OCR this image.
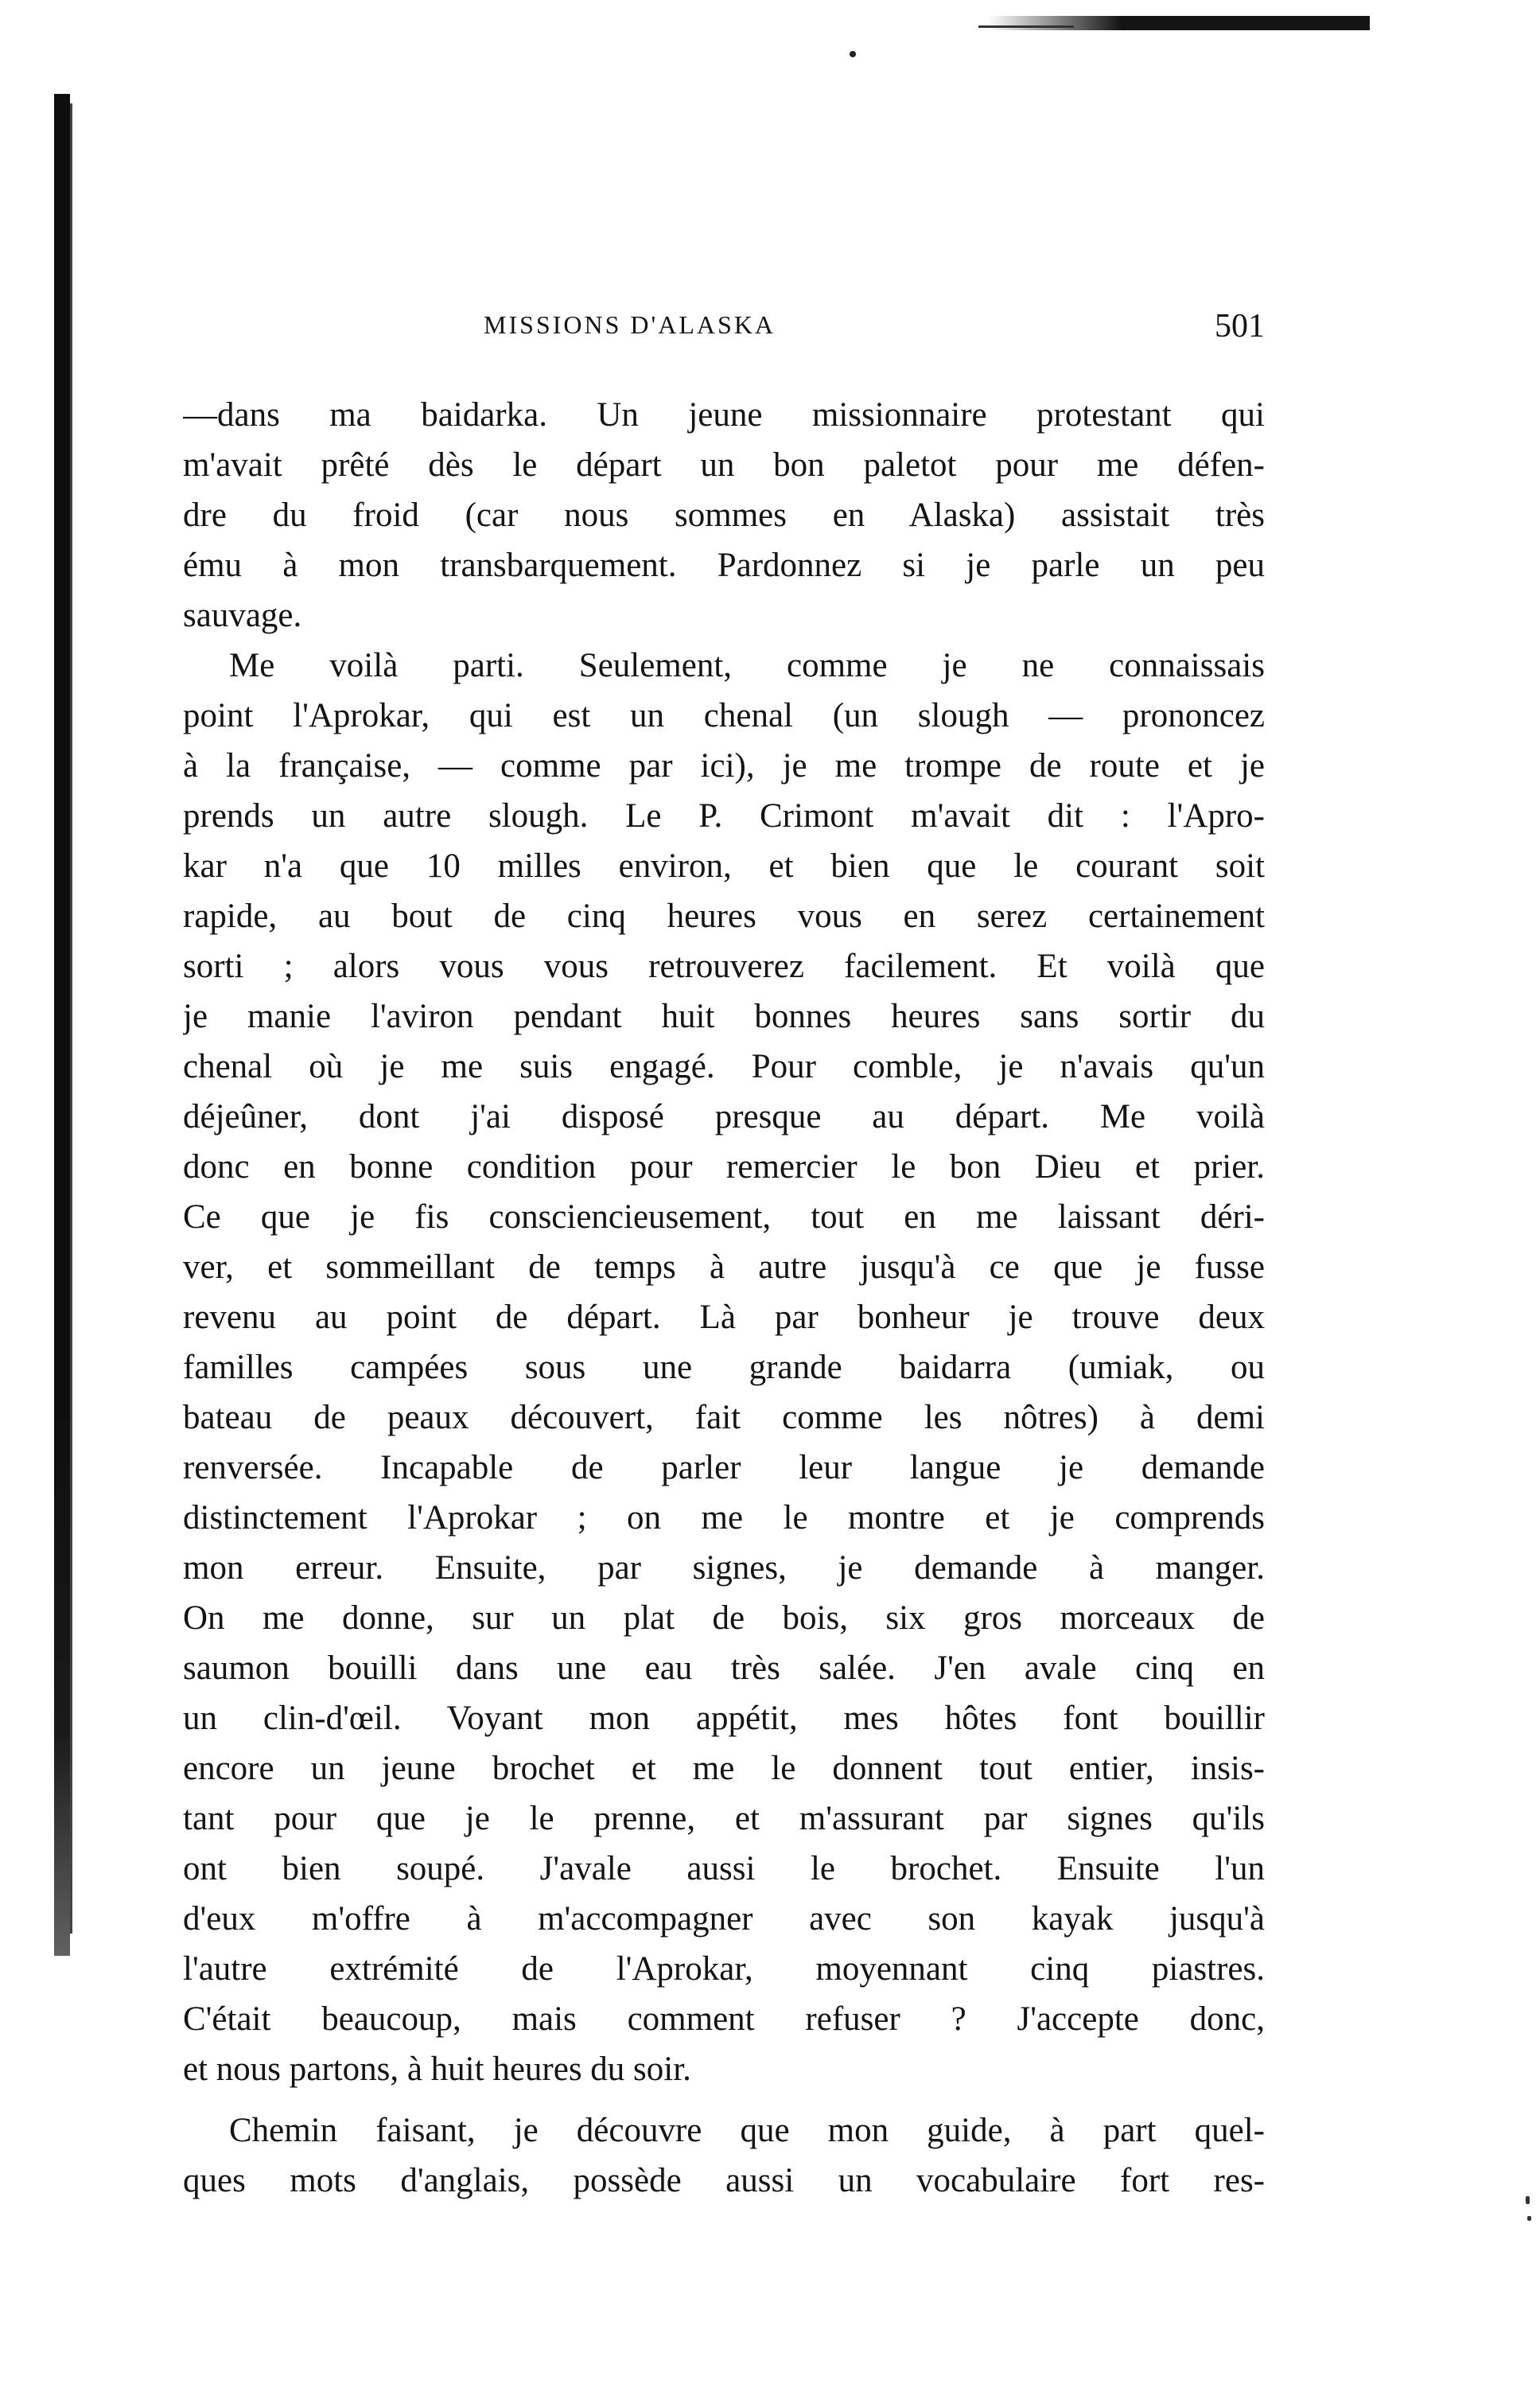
MISSIONS D'ALASKA	501
—dans ma baidarka. Un jeune missionnaire protestant qui
m'avait prêté dès le départ un bon paletot pour me défen-
dre du froid (car nous sommes en Alaska) assistait très
ému à mon transbarquement. Pardonnez si je parle un peu
sauvage.
Me voilà parti. Seulement, comme je ne connaissais
point l'Aprokar, qui est un chenal (un slough — prononcez
à la française, — comme par ici), je me trompe de route et je
prends un autre slough. Le P. Crimont m'avait dit : l'Apro-
kar n'a que 10 milles environ, et bien que le courant soit
rapide, au bout de cinq heures vous en serez certainement
sorti ; alors vous vous retrouverez facilement. Et voilà que
je manie l'aviron pendant huit bonnes heures sans sortir du
chenal où je me suis engagé. Pour comble, je n'avais qu'un
déjeûner, dont j'ai disposé presque au départ. Me voilà
donc en bonne condition pour remercier le bon Dieu et prier.
Ce que je fis consciencieusement, tout en me laissant déri-
ver, et sommeillant de temps à autre jusqu'à ce que je fusse
revenu au point de départ. Là par bonheur je trouve deux
familles campées sous une grande baidarra (umiak, ou
bateau de peaux découvert, fait comme les nôtres) à demi
renversée. Incapable de parler leur langue je demande
distinctement l'Aprokar ; on me le montre et je comprends
mon erreur. Ensuite, par signes, je demande à manger.
On me donne, sur un plat de bois, six gros morceaux de
saumon bouilli dans une eau très salée. J'en avale cinq en
un clin-d'œil. Voyant mon appétit, mes hôtes font bouillir
encore un jeune brochet et me le donnent tout entier, insis-
tant pour que je le prenne, et m'assurant par signes qu'ils
ont bien soupé. J'avale aussi le brochet. Ensuite l'un
d'eux m'offre à m'accompagner avec son kayak jusqu'à
l'autre extrémité de l'Aprokar, moyennant cinq piastres.
C'était beaucoup, mais comment refuser ? J'accepte donc,
et nous partons, à huit heures du soir.
Chemin faisant, je découvre que mon guide, à part quel-
ques mots d'anglais, possède aussi un vocabulaire fort res-
